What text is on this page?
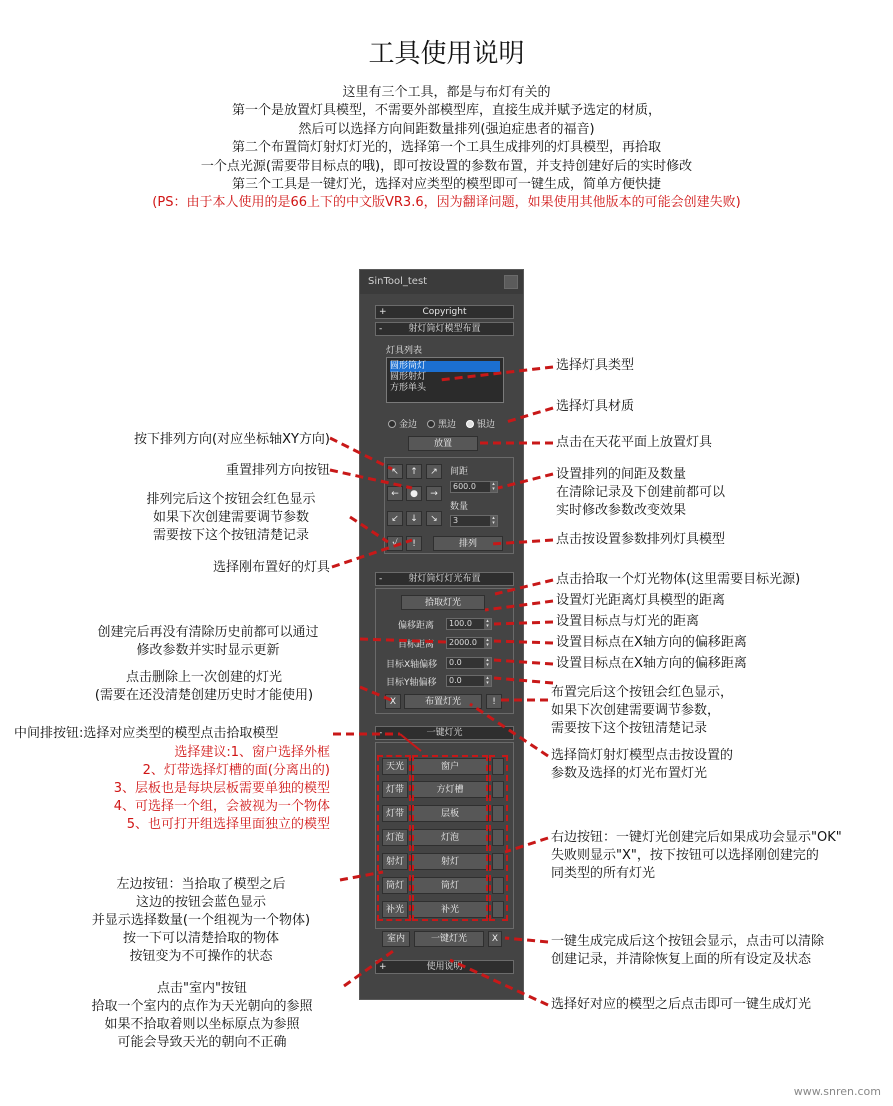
工具使用说明
这里有三个工具，都是与布灯有关的
第一个是放置灯具模型，不需要外部模型库，直接生成并赋予选定的材质，
然后可以选择方向间距数量排列(强迫症患者的福音)
第二个布置筒灯射灯灯光的，选择第一个工具生成排列的灯具模型，再拾取
一个点光源(需要带目标点的哦)，即可按设置的参数布置，并支持创建好后的实时修改
第三个工具是一键灯光，选择对应类型的模型即可一键生成，简单方便快捷
(PS：由于本人使用的是66上下的中文版VR3.6，因为翻译问题，如果使用其他版本的可能会创建失败)
SinTool_test
+	Copyright
-	射灯筒灯模型布置
灯具列表
圆形筒灯
圆形射灯
方形单头
金边	黑边	银边
放置
↖	↑	↗
←	●	→
↙	↓	↘
间距
600.0	▴
▾
数量
3	▴
▾
√	!	排列
-	射灯筒灯灯光布置
拾取灯光
偏移距离	100.0	▴
▾
目标距离	2000.0	▴
▾
目标X轴偏移	0.0	▴
▾
目标Y轴偏移	0.0	▴
▾
X	布置灯光	!
-	一键灯光
天光	窗户
灯带	方灯槽
灯带	层板
灯泡	灯泡
射灯	射灯
筒灯	筒灯
补光	补光
室内	一键灯光	X
+	使用说明
按下排列方向(对应坐标轴XY方向)
重置排列方向按钮
排列完后这个按钮会红色显示
如果下次创建需要调节参数
需要按下这个按钮清楚记录
选择刚布置好的灯具
创建完后再没有清除历史前都可以通过
修改参数并实时显示更新
点击删除上一次创建的灯光
(需要在还没清楚创建历史时才能使用)
中间排按钮:选择对应类型的模型点击拾取模型
选择建议:1、窗户选择外框
2、灯带选择灯槽的面(分离出的)
3、层板也是每块层板需要单独的模型
4、可选择一个组，会被视为一个物体
5、也可打开组选择里面独立的模型
左边按钮：当拾取了模型之后
这边的按钮会蓝色显示
并显示选择数量(一个组视为一个物体)
按一下可以清楚拾取的物体
按钮变为不可操作的状态
点击"室内"按钮
拾取一个室内的点作为天光朝向的参照
如果不拾取着则以坐标原点为参照
可能会导致天光的朝向不正确
选择灯具类型
选择灯具材质
点击在天花平面上放置灯具
设置排列的间距及数量
在清除记录及下创建前都可以
实时修改参数改变效果
点击按设置参数排列灯具模型
点击拾取一个灯光物体(这里需要目标光源)
设置灯光距离灯具模型的距离
设置目标点与灯光的距离
设置目标点在X轴方向的偏移距离
设置目标点在X轴方向的偏移距离
布置完后这个按钮会红色显示，
如果下次创建需要调节参数，
需要按下这个按钮清楚记录
选择筒灯射灯模型点击按设置的
参数及选择的灯光布置灯光
右边按钮：一键灯光创建完后如果成功会显示"OK"
失败则显示"X"，按下按钮可以选择刚创建完的
同类型的所有灯光
一键生成完成后这个按钮会显示，点击可以清除
创建记录，并清除恢复上面的所有设定及状态
选择好对应的模型之后点击即可一键生成灯光
www.snren.com
